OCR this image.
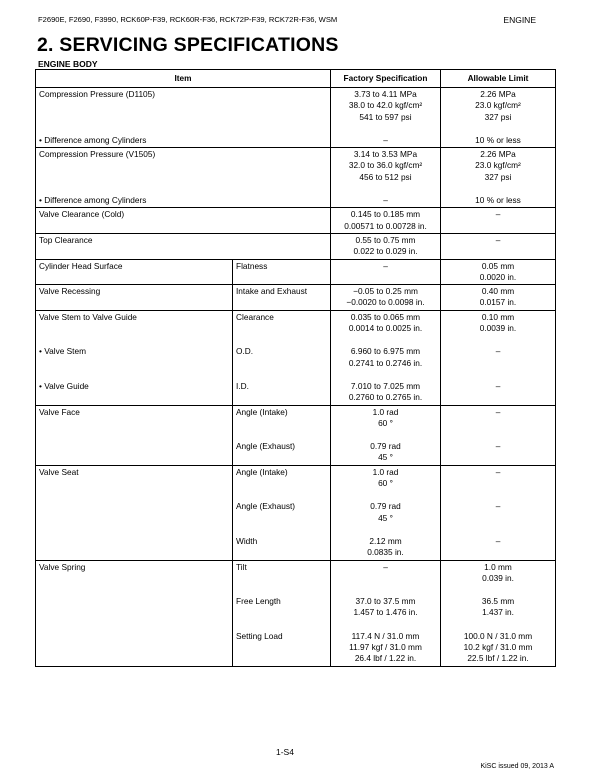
F2690E, F2690, F3990, RCK60P-F39, RCK60R-F36, RCK72P-F39, RCK72R-F36, WSM	ENGINE
2. SERVICING SPECIFICATIONS
ENGINE BODY
Item		Factory Specification	Allowable Limit
Compression Pressure (D1105)		3.73 to 4.11 MPa
38.0 to 42.0 kgf/cm²
541 to 597 psi	2.26 MPa
23.0 kgf/cm²
327 psi

• Difference among Cylinders		–	10 % or less

Compression Pressure (V1505)		3.14 to 3.53 MPa
32.0 to 36.0 kgf/cm²
456 to 512 psi	2.26 MPa
23.0 kgf/cm²
327 psi

• Difference among Cylinders		–	10 % or less

Valve Clearance (Cold)		0.145 to 0.185 mm
0.00571 to 0.00728 in.	–

Top Clearance		0.55 to 0.75 mm
0.022 to 0.029 in.	–

Cylinder Head Surface	Flatness	–	0.05 mm
0.0020 in.

Valve Recessing	Intake and Exhaust	−0.05 to 0.25 mm
−0.0020 to 0.0098 in.	0.40 mm
0.0157 in.

Valve Stem to Valve Guide	Clearance	0.035 to 0.065 mm
0.0014 to 0.0025 in.	0.10 mm
0.0039 in.

• Valve Stem	O.D.	6.960 to 6.975 mm
0.2741 to 0.2746 in.	–

• Valve Guide	I.D.	7.010 to 7.025 mm
0.2760 to 0.2765 in.	–

Valve Face	Angle (Intake)	1.0 rad
60 °	–

	Angle (Exhaust)	0.79 rad
45 °	–

Valve Seat	Angle (Intake)	1.0 rad
60 °	–

	Angle (Exhaust)	0.79 rad
45 °	–

	Width	2.12 mm
0.0835 in.	–

Valve Spring	Tilt	–	1.0 mm
0.039 in.

	Free Length	37.0 to 37.5 mm
1.457 to 1.476 in.	36.5 mm
1.437 in.

	Setting Load	117.4 N / 31.0 mm
11.97 kgf / 31.0 mm
26.4 lbf / 1.22 in.	100.0 N / 31.0 mm
10.2 kgf / 31.0 mm
22.5 lbf / 1.22 in.
1-S4
KiSC issued 09, 2013 A
